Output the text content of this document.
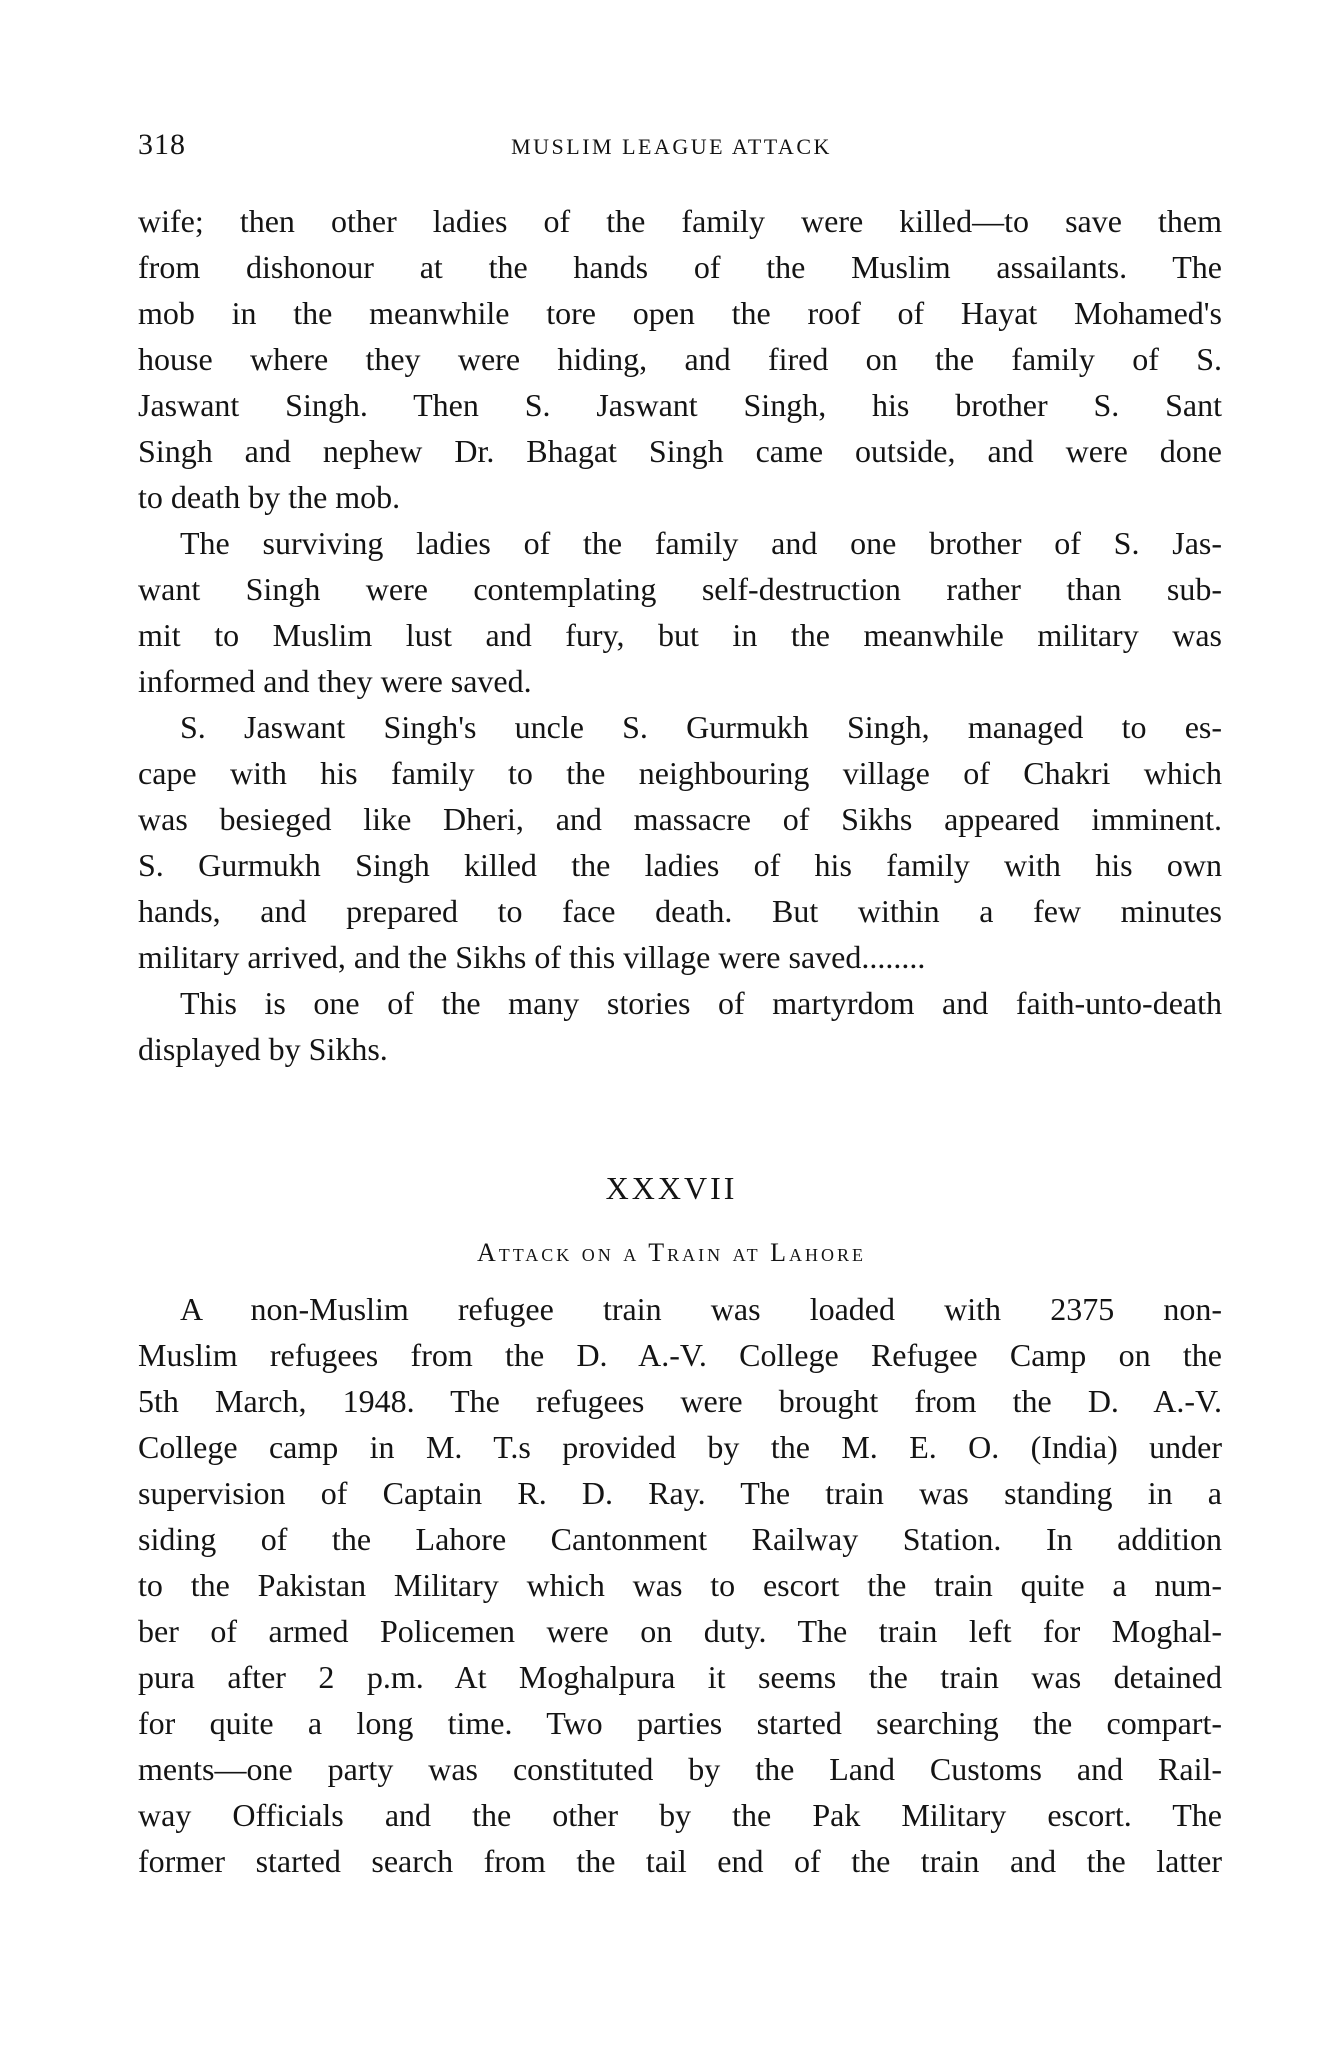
318	MUSLIM LEAGUE ATTACK
wife; then other ladies of the family were killed—to save them
from dishonour at the hands of the Muslim assailants. The
mob in the meanwhile tore open the roof of Hayat Mohamed's
house where they were hiding, and fired on the family of S.
Jaswant Singh. Then S. Jaswant Singh, his brother S. Sant
Singh and nephew Dr. Bhagat Singh came outside, and were done
to death by the mob.
The surviving ladies of the family and one brother of S. Jas-
want Singh were contemplating self-destruction rather than sub-
mit to Muslim lust and fury, but in the meanwhile military was
informed and they were saved.
S. Jaswant Singh's uncle S. Gurmukh Singh, managed to es-
cape with his family to the neighbouring village of Chakri which
was besieged like Dheri, and massacre of Sikhs appeared imminent.
S. Gurmukh Singh killed the ladies of his family with his own
hands, and prepared to face death. But within a few minutes
military arrived, and the Sikhs of this village were saved........
This is one of the many stories of martyrdom and faith-unto-death
displayed by Sikhs.
XXXVII
Attack on a Train at Lahore
A non-Muslim refugee train was loaded with 2375 non-
Muslim refugees from the D. A.-V. College Refugee Camp on the
5th March, 1948. The refugees were brought from the D. A.-V.
College camp in M. T.s provided by the M. E. O. (India) under
supervision of Captain R. D. Ray. The train was standing in a
siding of the Lahore Cantonment Railway Station. In addition
to the Pakistan Military which was to escort the train quite a num-
ber of armed Policemen were on duty. The train left for Moghal-
pura after 2 p.m. At Moghalpura it seems the train was detained
for quite a long time. Two parties started searching the compart-
ments—one party was constituted by the Land Customs and Rail-
way Officials and the other by the Pak Military escort. The
former started search from the tail end of the train and the latter
